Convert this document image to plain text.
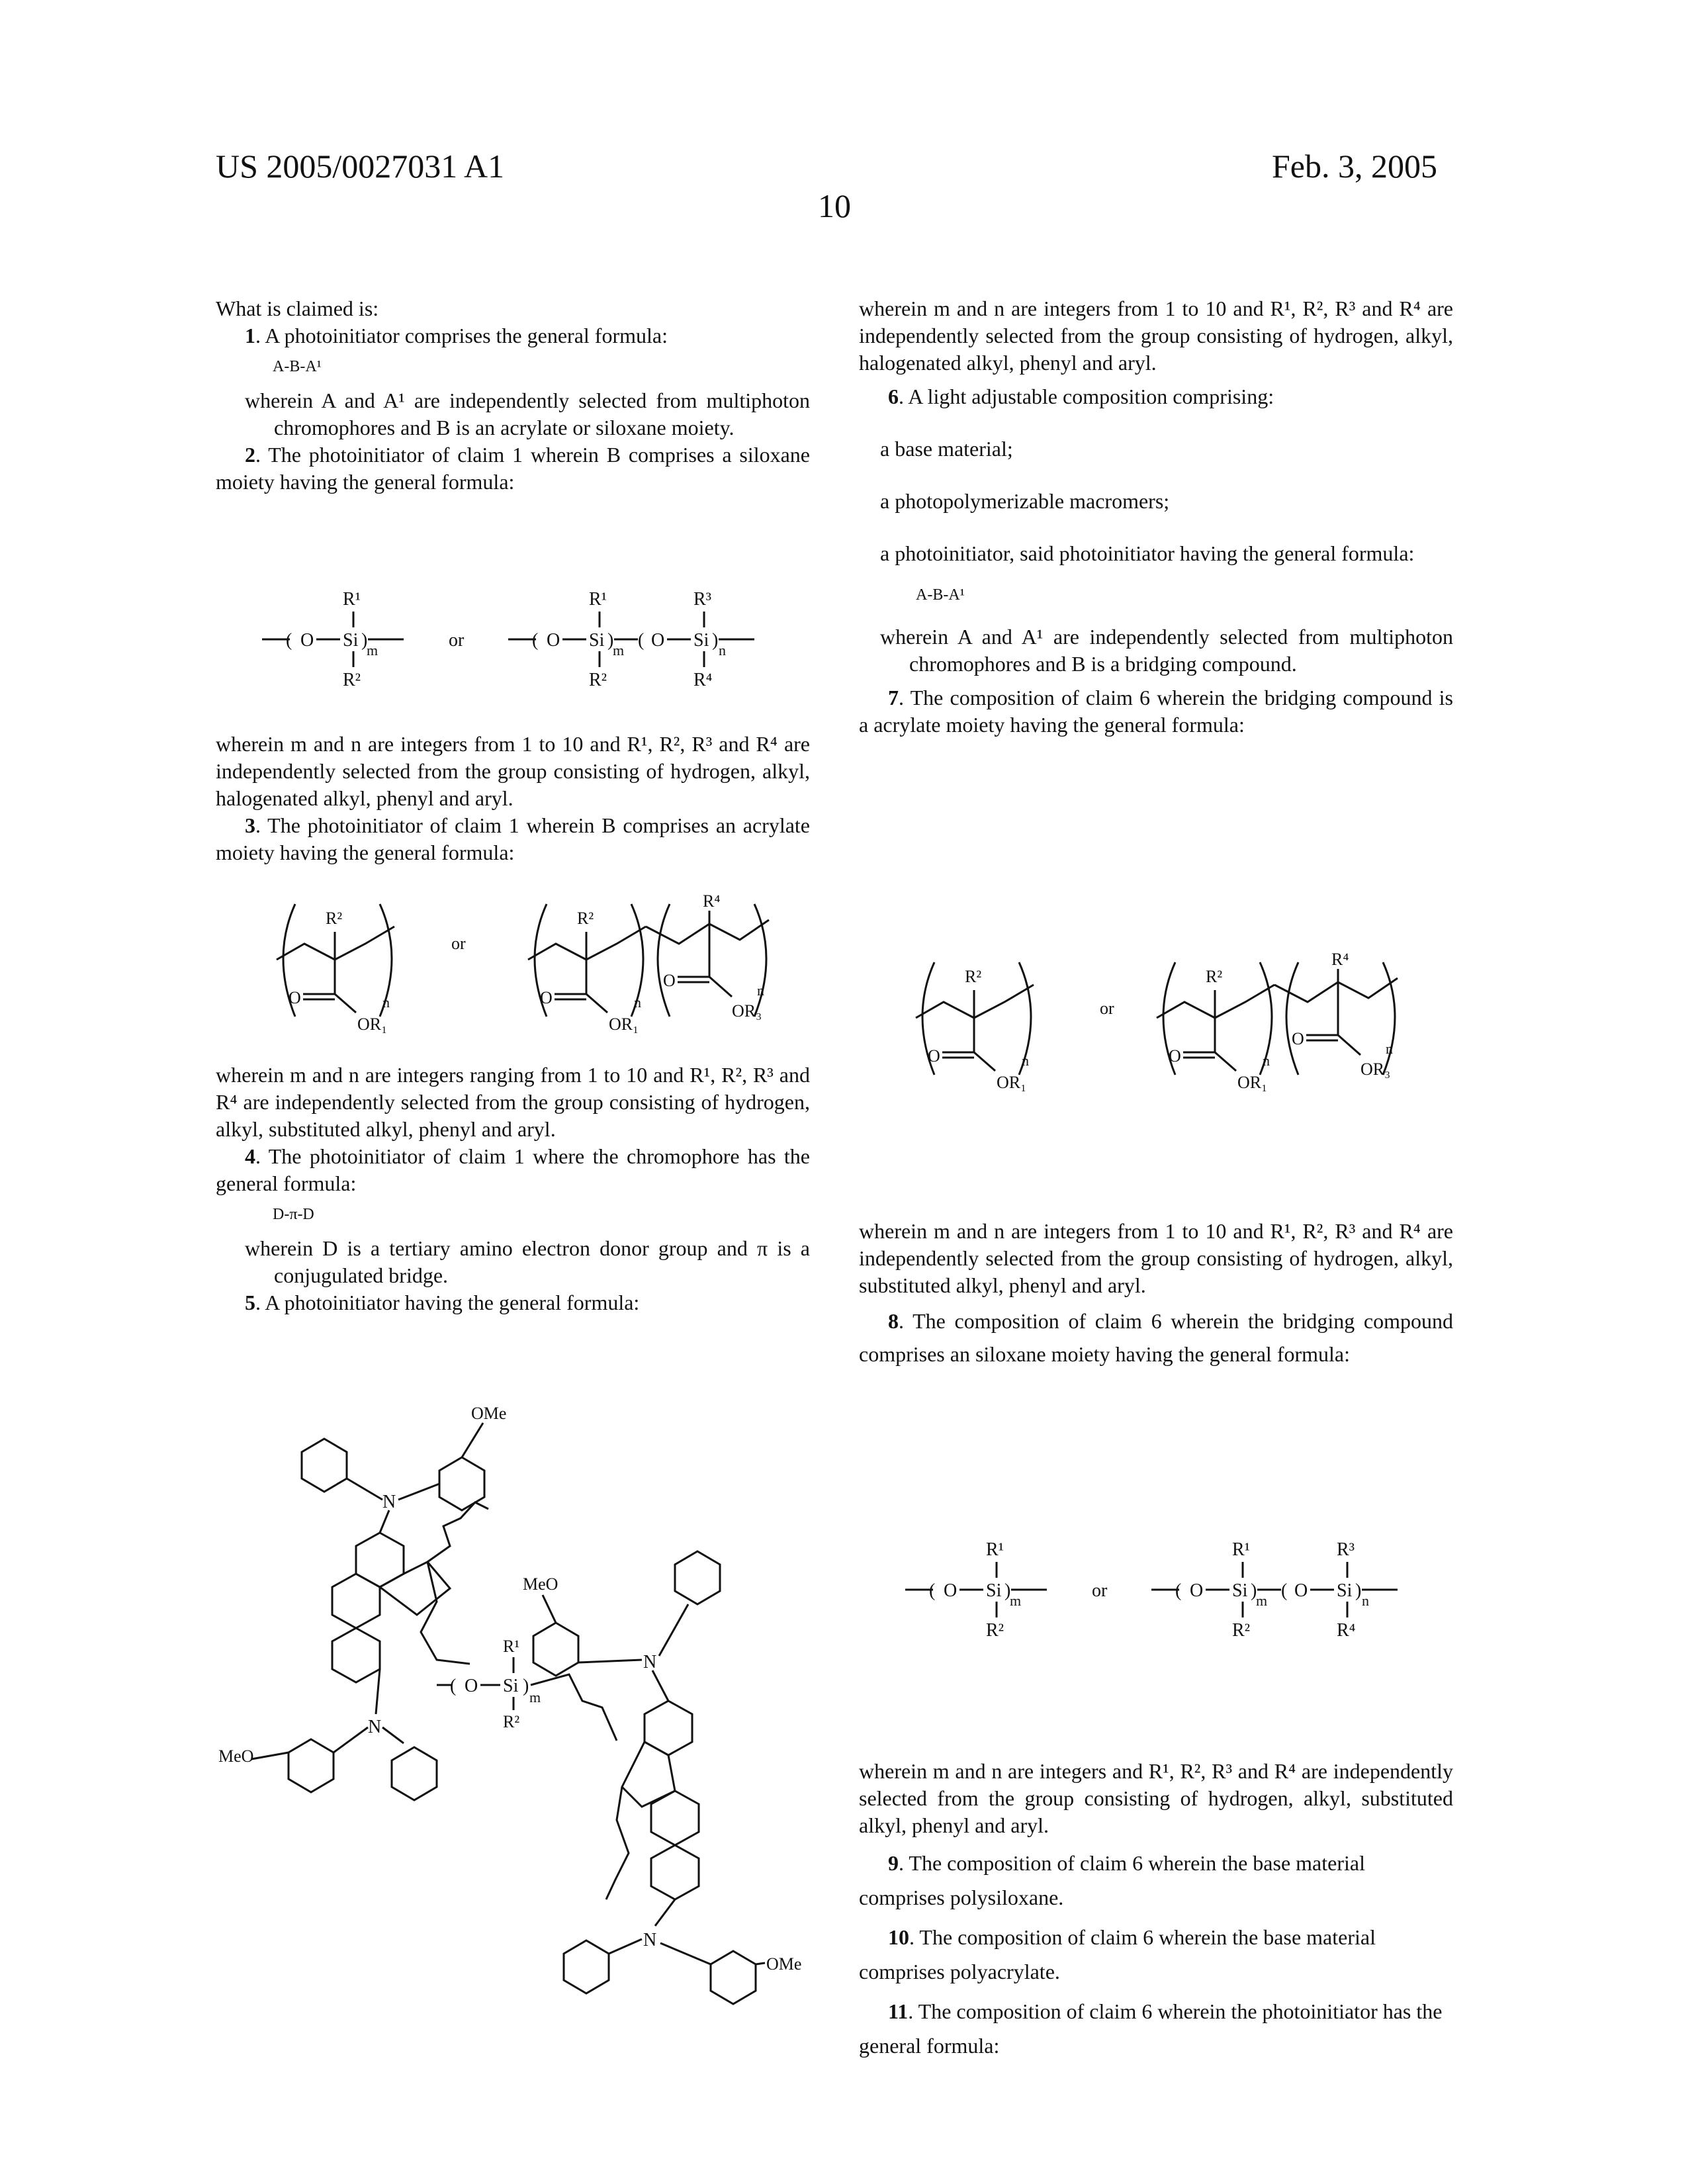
US 2005/0027031 A1	Feb. 3, 2005
10

What is claimed is:

1. A photoinitiator comprises the general formula:

A-B-A¹

wherein A and A¹ are independently selected from multiphoton chromophores and B is an acrylate or siloxane moiety.

2. The photoinitiator of claim 1 wherein B comprises a siloxane moiety having the general formula:

R¹
( O Si )
m
R²
or
R¹
( O Si )
m ( O Si ) n
R³
R²	R⁴

wherein m and n are integers from 1 to 10 and R¹, R², R³ and R⁴ are independently selected from the group consisting of hydrogen, alkyl, halogenated alkyl, phenyl and aryl.

3. The photoinitiator of claim 1 wherein B comprises an acrylate moiety having the general formula:

R²
O
OR₁
n
or
R²
O
OR₁
n
R⁴
O
OR₃
n

wherein m and n are integers ranging from 1 to 10 and R¹, R², R³ and R⁴ are independently selected from the group consisting of hydrogen, alkyl, substituted alkyl, phenyl and aryl.

4. The photoinitiator of claim 1 where the chromophore has the general formula:

D-π-D

wherein D is a tertiary amino electron donor group and π is a conjugulated bridge.

5. A photoinitiator having the general formula:

OMe
N
N
MeO
( O Si )
m
R¹
R²
MeO
N
N
OMe

wherein m and n are integers from 1 to 10 and R¹, R², R³ and R⁴ are independently selected from the group consisting of hydrogen, alkyl, halogenated alkyl, phenyl and aryl.

6. A light adjustable composition comprising:

a base material;

a photopolymerizable macromers;

a photoinitiator, said photoinitiator having the general formula:

A-B-A¹

wherein A and A¹ are independently selected from multiphoton chromophores and B is a bridging compound.

7. The composition of claim 6 wherein the bridging compound is a acrylate moiety having the general formula:

R²
O
OR₁
n
or
R²
O
OR₁
n
R⁴
O
OR₃
n

wherein m and n are integers from 1 to 10 and R¹, R², R³ and R⁴ are independently selected from the group consisting of hydrogen, alkyl, substituted alkyl, phenyl and aryl.

8. The composition of claim 6 wherein the bridging compound comprises an siloxane moiety having the general formula:

R¹
( O Si )
m
R²
or
R¹
( O Si )
m ( O Si ) n
R³
R²	R⁴

wherein m and n are integers and R¹, R², R³ and R⁴ are independently selected from the group consisting of hydrogen, alkyl, substituted alkyl, phenyl and aryl.

9. The composition of claim 6 wherein the base material comprises polysiloxane.

10. The composition of claim 6 wherein the base material comprises polyacrylate.

11. The composition of claim 6 wherein the photoinitiator has the general formula:
